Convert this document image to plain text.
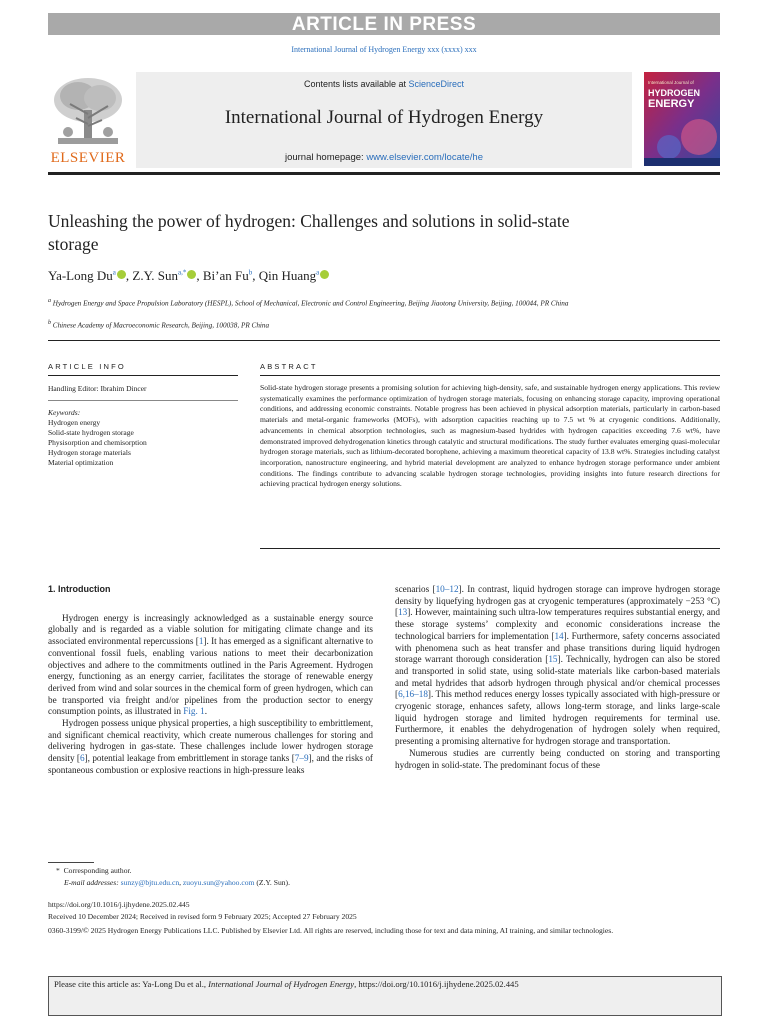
ARTICLE IN PRESS
International Journal of Hydrogen Energy xxx (xxxx) xxx
ELSEVIER
Contents lists available at ScienceDirect
International Journal of Hydrogen Energy
journal homepage: www.elsevier.com/locate/he
International Journal of
HYDROGEN
ENERGY
Unleashing the power of hydrogen: Challenges and solutions in solid-state storage
Ya-Long Du$^a$ , Z.Y. Sun$^{a,*}$ , Bi’an Fu$^b$, Qin Huang$^a$
$^a$ Hydrogen Energy and Space Propulsion Laboratory (HESPL), School of Mechanical, Electronic and Control Engineering, Beijing Jiaotong University, Beijing, 100044, PR China
$^b$ Chinese Academy of Macroeconomic Research, Beijing, 100038, PR China
ARTICLE INFO
Handling Editor: Ibrahim Dincer
Keywords:
Hydrogen energy
Solid-state hydrogen storage
Physisorption and chemisorption
Hydrogen storage materials
Material optimization
ABSTRACT
Solid-state hydrogen storage presents a promising solution for achieving high-density, safe, and sustainable hydrogen energy applications. This review systematically examines the performance optimization of hydrogen storage materials, focusing on enhancing storage capacity, improving operational conditions, and addressing economic constraints. Notable progress has been achieved in physical adsorption materials, particularly in carbon-based materials and metal-organic frameworks (MOFs), with adsorption capacities reaching up to 7.5 wt % at cryogenic conditions. Additionally, advancements in chemical absorption technologies, such as magnesium-based hydrides with hydrogen capacities exceeding 7.6 wt%, have demonstrated improved dehydrogenation kinetics through catalytic and structural modifications. The study further evaluates emerging quasi-molecular hydrogen storage materials, such as lithium-decorated borophene, achieving a maximum theoretical capacity of 13.8 wt%. Strategies including catalyst incorporation, nanostructure engineering, and hybrid material development are analyzed to enhance hydrogen storage performance under ambient conditions. The findings contribute to advancing scalable hydrogen storage technologies, providing insights into future research directions for achieving practical hydrogen energy solutions.
1. Introduction

Hydrogen energy is increasingly acknowledged as a sustainable energy source globally and is regarded as a viable solution for mitigating climate change and its associated environmental repercussions [1]. It has emerged as a significant alternative to conventional fossil fuels, enabling various nations to meet their decarbonization objectives and adhere to the commitments outlined in the Paris Agreement. Hydrogen energy, functioning as an energy carrier, facilitates the storage of renewable energy derived from wind and solar sources in the chemical form of green hydrogen, which can be transported via freight and/or pipelines from the production sector to energy consumption points, as illustrated in Fig. 1.

Hydrogen possess unique physical properties, a high susceptibility to embrittlement, and significant chemical reactivity, which create numerous challenges for storing and delivering hydrogen in gas-state. These challenges include lower hydrogen storage density [6], potential leakage from embrittlement in storage tanks [7–9], and the risks of spontaneous combustion or explosive reactions in high-pressure leaks

scenarios [10–12]. In contrast, liquid hydrogen storage can improve hydrogen storage density by liquefying hydrogen gas at cryogenic temperatures (approximately −253 °C) [13]. However, maintaining such ultra-low temperatures requires substantial energy, and these storage systems’ complexity and economic considerations increase the technological barriers for implementation [14]. Furthermore, safety concerns associated with phenomena such as heat transfer and phase transitions during liquid hydrogen storage warrant thorough consideration [15]. Technically, hydrogen can also be stored and transported in solid state, using solid-state materials like carbon-based materials and metal hydrides that adsorb hydrogen through physical and/or chemical processes [6,16–18]. This method reduces energy losses typically associated with high-pressure or cryogenic storage, enhances safety, allows long-term storage, and links large-scale liquid hydrogen storage and limited hydrogen requirements for terminal use. Furthermore, it enables the dehydrogenation of hydrogen solely when required, presenting a promising alternative for hydrogen storage and transportation.

Numerous studies are currently being conducted on storing and transporting hydrogen in solid-state. The predominant focus of these

*  Corresponding author.
E-mail addresses: sunzy@bjtu.edu.cn, zuoyu.sun@yahoo.com (Z.Y. Sun).
https://doi.org/10.1016/j.ijhydene.2025.02.445
Received 10 December 2024; Received in revised form 9 February 2025; Accepted 27 February 2025
0360-3199/© 2025 Hydrogen Energy Publications LLC. Published by Elsevier Ltd. All rights are reserved, including those for text and data mining, AI training, and similar technologies.
Please cite this article as: Ya-Long Du et al., International Journal of Hydrogen Energy, https://doi.org/10.1016/j.ijhydene.2025.02.445
